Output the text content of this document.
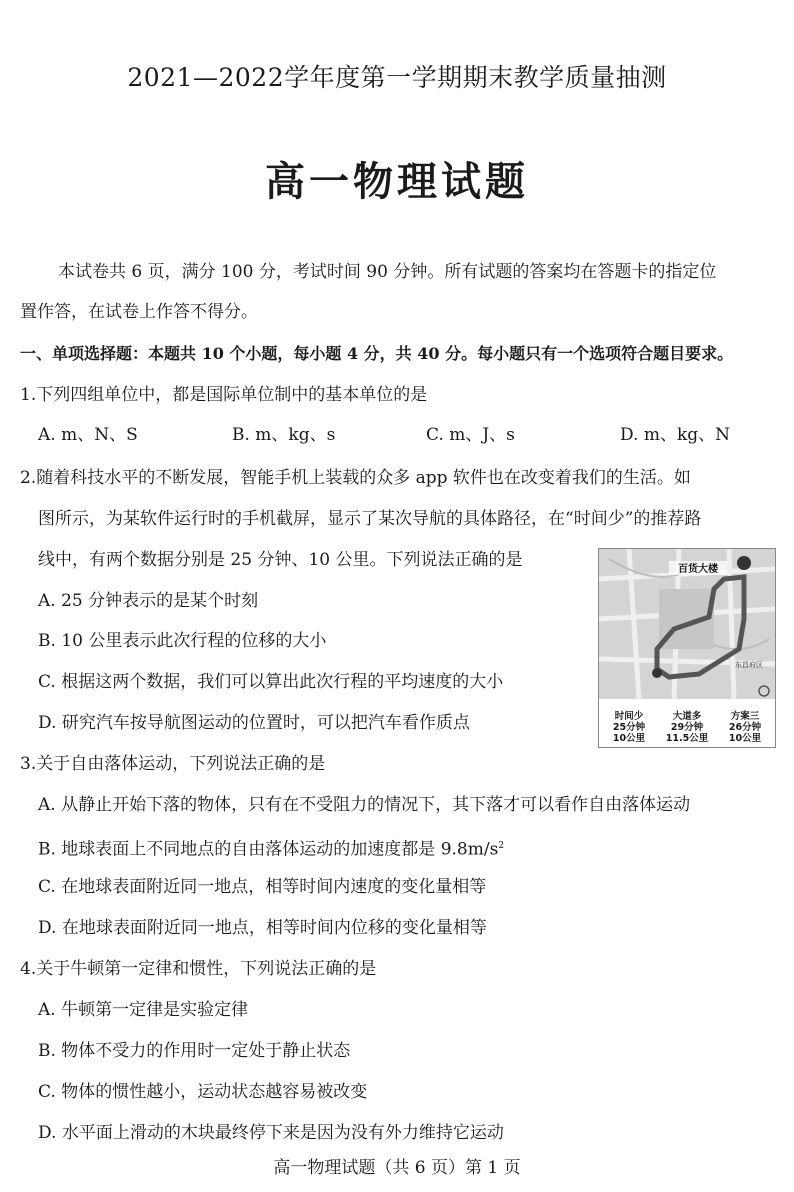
2021—2022学年度第一学期期末教学质量抽测
高一物理试题
本试卷共 6 页，满分 100 分，考试时间 90 分钟。所有试题的答案均在答题卡的指定位
置作答，在试卷上作答不得分。
一、单项选择题：本题共 10 个小题，每小题 4 分，共 40 分。每小题只有一个选项符合题目要求。
1.下列四组单位中，都是国际单位制中的基本单位的是
A. m、N、S	B. m、kg、s	C. m、J、s	D. m、kg、N
2.随着科技水平的不断发展，智能手机上装载的众多 app 软件也在改变着我们的生活。如
图所示，为某软件运行时的手机截屏，显示了某次导航的具体路径，在“时间少”的推荐路
线中，有两个数据分别是 25 分钟、10 公里。下列说法正确的是
A. 25 分钟表示的是某个时刻
B. 10 公里表示此次行程的位移的大小
C. 根据这两个数据，我们可以算出此次行程的平均速度的大小
D. 研究汽车按导航图运动的位置时，可以把汽车看作质点
百货大楼
东昌府区
时间少
25分钟
10公里
大道多
29分钟
11.5公里
方案三
26分钟
10公里
3.关于自由落体运动，下列说法正确的是
A. 从静止开始下落的物体，只有在不受阻力的情况下，其下落才可以看作自由落体运动
B. 地球表面上不同地点的自由落体运动的加速度都是 $9.8m/s^2$
C. 在地球表面附近同一地点，相等时间内速度的变化量相等
D. 在地球表面附近同一地点，相等时间内位移的变化量相等
4.关于牛顿第一定律和惯性，下列说法正确的是
A. 牛顿第一定律是实验定律
B. 物体不受力的作用时一定处于静止状态
C. 物体的惯性越小，运动状态越容易被改变
D. 水平面上滑动的木块最终停下来是因为没有外力维持它运动
高一物理试题（共 6 页）第 1 页
